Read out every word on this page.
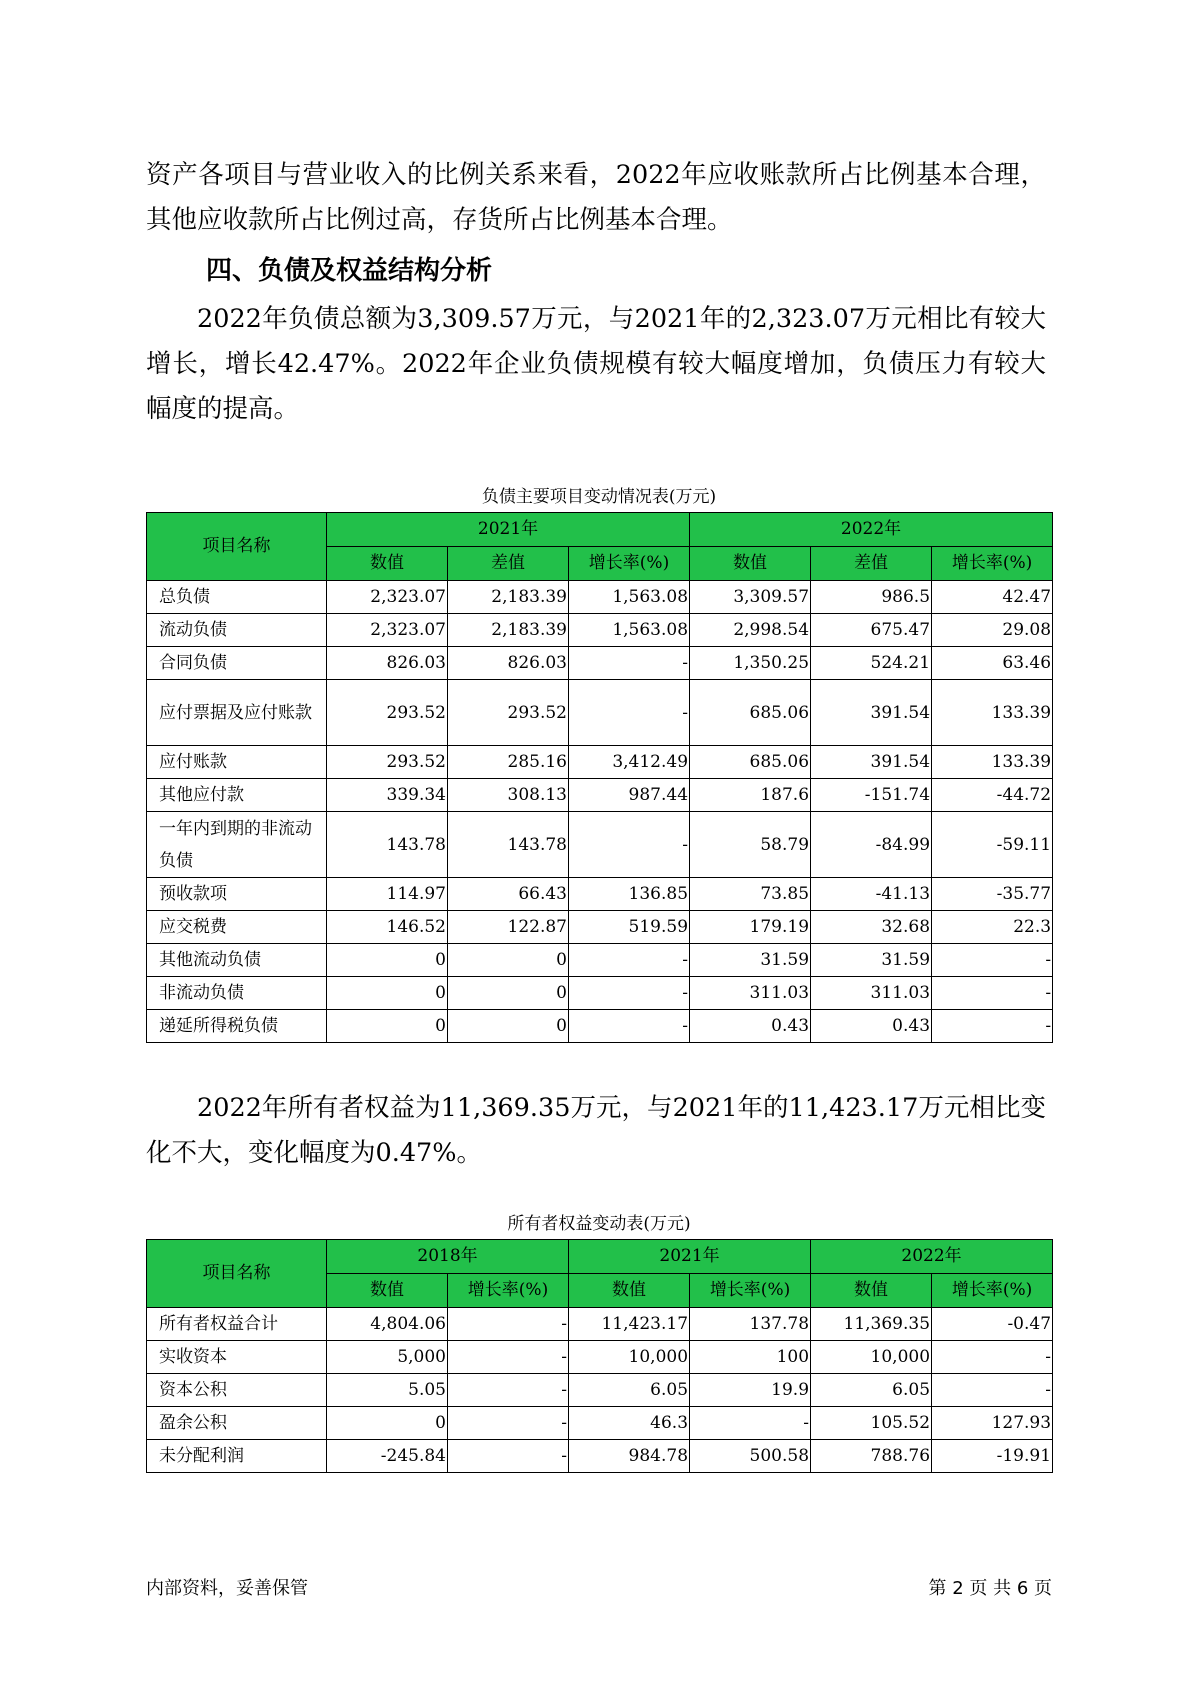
资产各项目与营业收入的比例关系来看，2022年应收账款所占比例基本合理，其他应收款所占比例过高，存货所占比例基本合理。

四、负债及权益结构分析

2022年负债总额为3,309.57万元，与2021年的2,323.07万元相比有较大增长，增长42.47%。2022年企业负债规模有较大幅度增加，负债压力有较大幅度的提高。

负债主要项目变动情况表(万元)

项目名称	2021年			2022年		
	数值	差值	增长率(%)	数值	差值	增长率(%)
总负债	2,323.07	2,183.39	1,563.08	3,309.57	986.5	42.47
流动负债	2,323.07	2,183.39	1,563.08	2,998.54	675.47	29.08
合同负债	826.03	826.03	-	1,350.25	524.21	63.46
应付票据及应付账款	293.52	293.52	-	685.06	391.54	133.39
应付账款	293.52	285.16	3,412.49	685.06	391.54	133.39
其他应付款	339.34	308.13	987.44	187.6	-151.74	-44.72
一年内到期的非流动负债	143.78	143.78	-	58.79	-84.99	-59.11
预收款项	114.97	66.43	136.85	73.85	-41.13	-35.77
应交税费	146.52	122.87	519.59	179.19	32.68	22.3
其他流动负债	0	0	-	31.59	31.59	-
非流动负债	0	0	-	311.03	311.03	-
递延所得税负债	0	0	-	0.43	0.43	-

2022年所有者权益为11,369.35万元，与2021年的11,423.17万元相比变化不大，变化幅度为0.47%。

所有者权益变动表(万元)

项目名称	2018年		2021年		2022年	
	数值	增长率(%)	数值	增长率(%)	数值	增长率(%)
所有者权益合计	4,804.06	-	11,423.17	137.78	11,369.35	-0.47
实收资本	5,000	-	10,000	100	10,000	-
资本公积	5.05	-	6.05	19.9	6.05	-
盈余公积	0	-	46.3	-	105.52	127.93
未分配利润	-245.84	-	984.78	500.58	788.76	-19.91

内部资料，妥善保管	第 2 页 共 6 页
